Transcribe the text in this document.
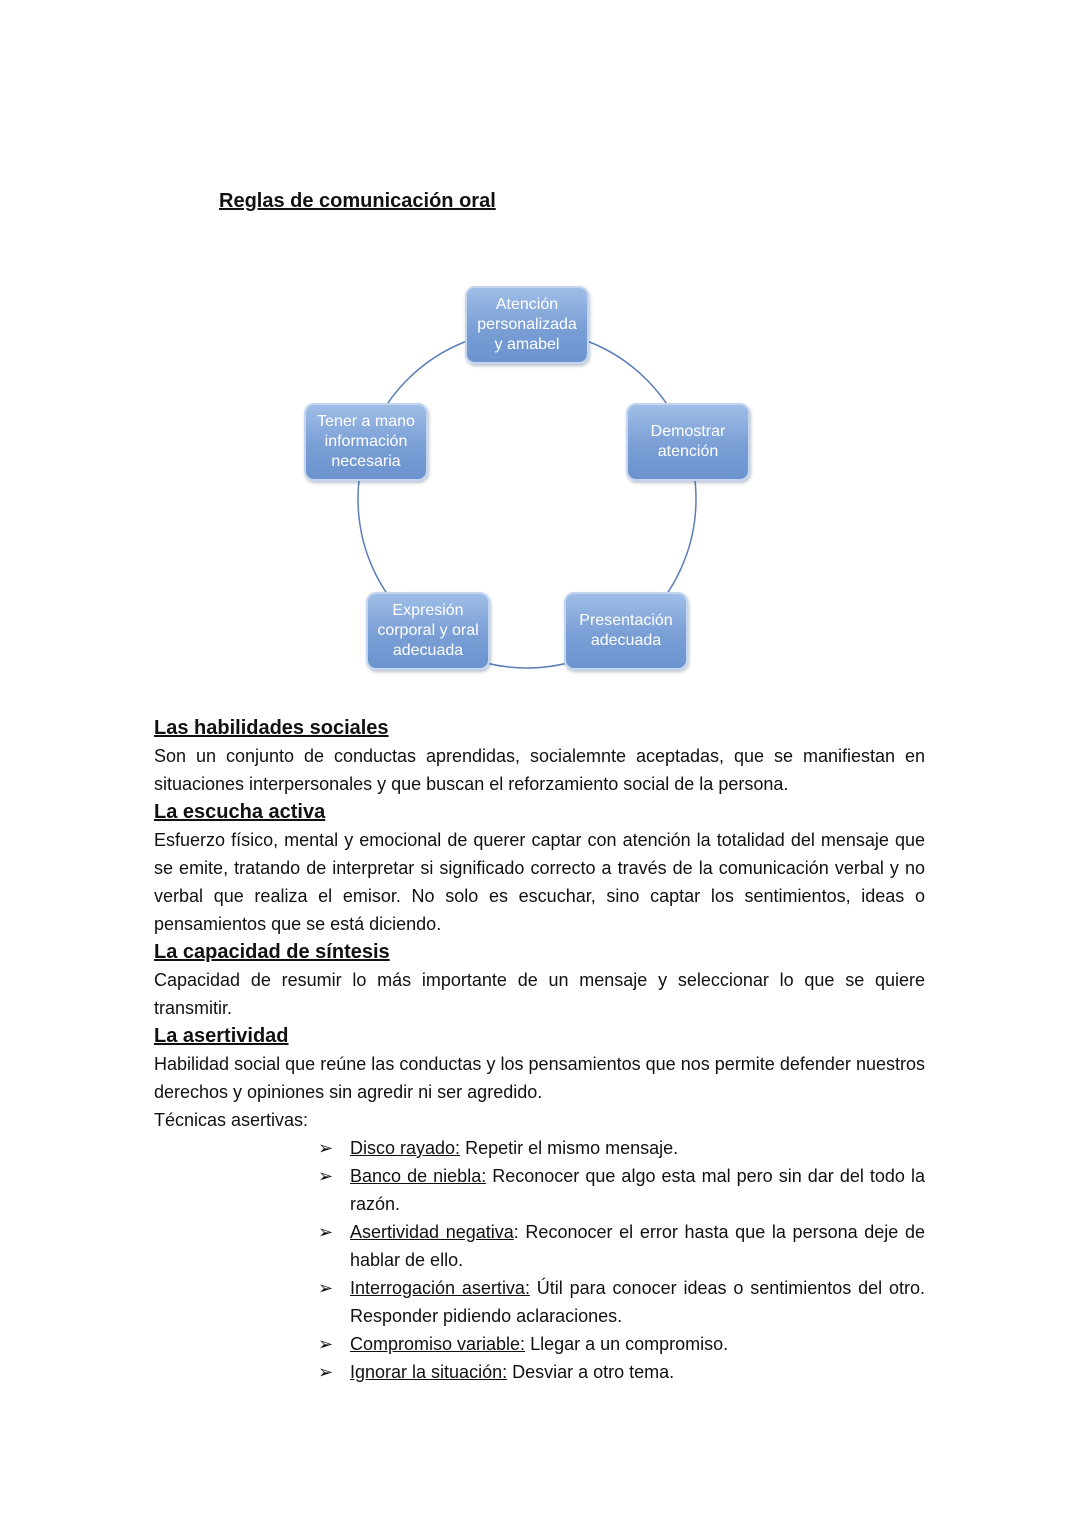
Reglas de comunicación oral
Atención personalizada y amabel
Demostrar atención
Presentación adecuada
Expresión corporal y oral adecuada
Tener a mano información necesaria
Las habilidades sociales

Son un conjunto de conductas aprendidas, socialemnte aceptadas, que se manifiestan en situaciones interpersonales y que buscan el reforzamiento social de la persona.

La escucha activa

Esfuerzo físico, mental y emocional de querer captar con atención la totalidad del mensaje que se emite, tratando de interpretar si significado correcto a través de la comunicación verbal y no verbal que realiza el emisor. No solo es escuchar, sino captar los sentimientos, ideas o pensamientos que se está diciendo.

La capacidad de síntesis

Capacidad de resumir lo más importante de un mensaje y seleccionar lo que se quiere transmitir.

La asertividad

Habilidad social que reúne las conductas y los pensamientos que nos permite defender nuestros derechos y opiniones sin agredir ni ser agredido.

Técnicas asertivas:

➢ Disco rayado: Repetir el mismo mensaje.
➢ Banco de niebla: Reconocer que algo esta mal pero sin dar del todo la razón.
➢ Asertividad negativa: Reconocer el error hasta que la persona deje de hablar de ello.
➢ Interrogación asertiva: Útil para conocer ideas o sentimientos del otro. Responder pidiendo aclaraciones.
➢ Compromiso variable: Llegar a un compromiso.
➢ Ignorar la situación: Desviar a otro tema.
